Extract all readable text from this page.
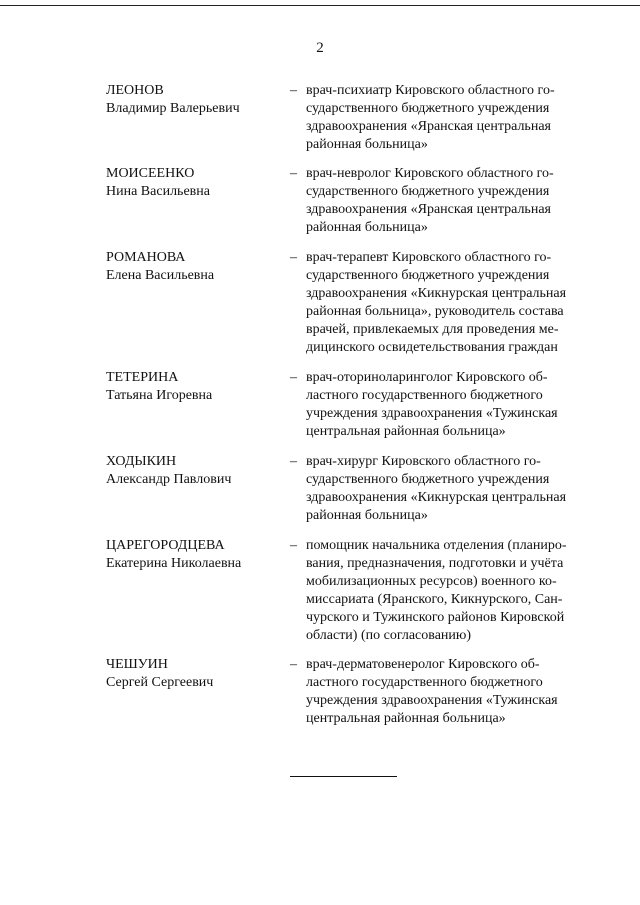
2
ЛЕОНОВ
Владимир Валерьевич
– врач-психиатр Кировского областного го-
сударственного бюджетного учреждения
здравоохранения «Яранская центральная
районная больница»
МОИСЕЕНКО
Нина Васильевна
– врач-невролог Кировского областного го-
сударственного бюджетного учреждения
здравоохранения «Яранская центральная
районная больница»
РОМАНОВА
Елена Васильевна
– врач-терапевт Кировского областного го-
сударственного бюджетного учреждения
здравоохранения «Кикнурская центральная
районная больница», руководитель состава
врачей, привлекаемых для проведения ме-
дицинского освидетельствования граждан
ТЕТЕРИНА
Татьяна Игоревна
– врач-оториноларинголог Кировского об-
ластного государственного бюджетного
учреждения здравоохранения «Тужинская
центральная районная больница»
ХОДЫКИН
Александр Павлович
– врач-хирург Кировского областного го-
сударственного бюджетного учреждения
здравоохранения «Кикнурская центральная
районная больница»
ЦАРЕГОРОДЦЕВА
Екатерина Николаевна
– помощник начальника отделения (планиро-
вания, предназначения, подготовки и учёта
мобилизационных ресурсов) военного ко-
миссариата (Яранского, Кикнурского, Сан-
чурского и Тужинского районов Кировской
области) (по согласованию)
ЧЕШУИН
Сергей Сергеевич
– врач-дерматовенеролог Кировского об-
ластного государственного бюджетного
учреждения здравоохранения «Тужинская
центральная районная больница»
